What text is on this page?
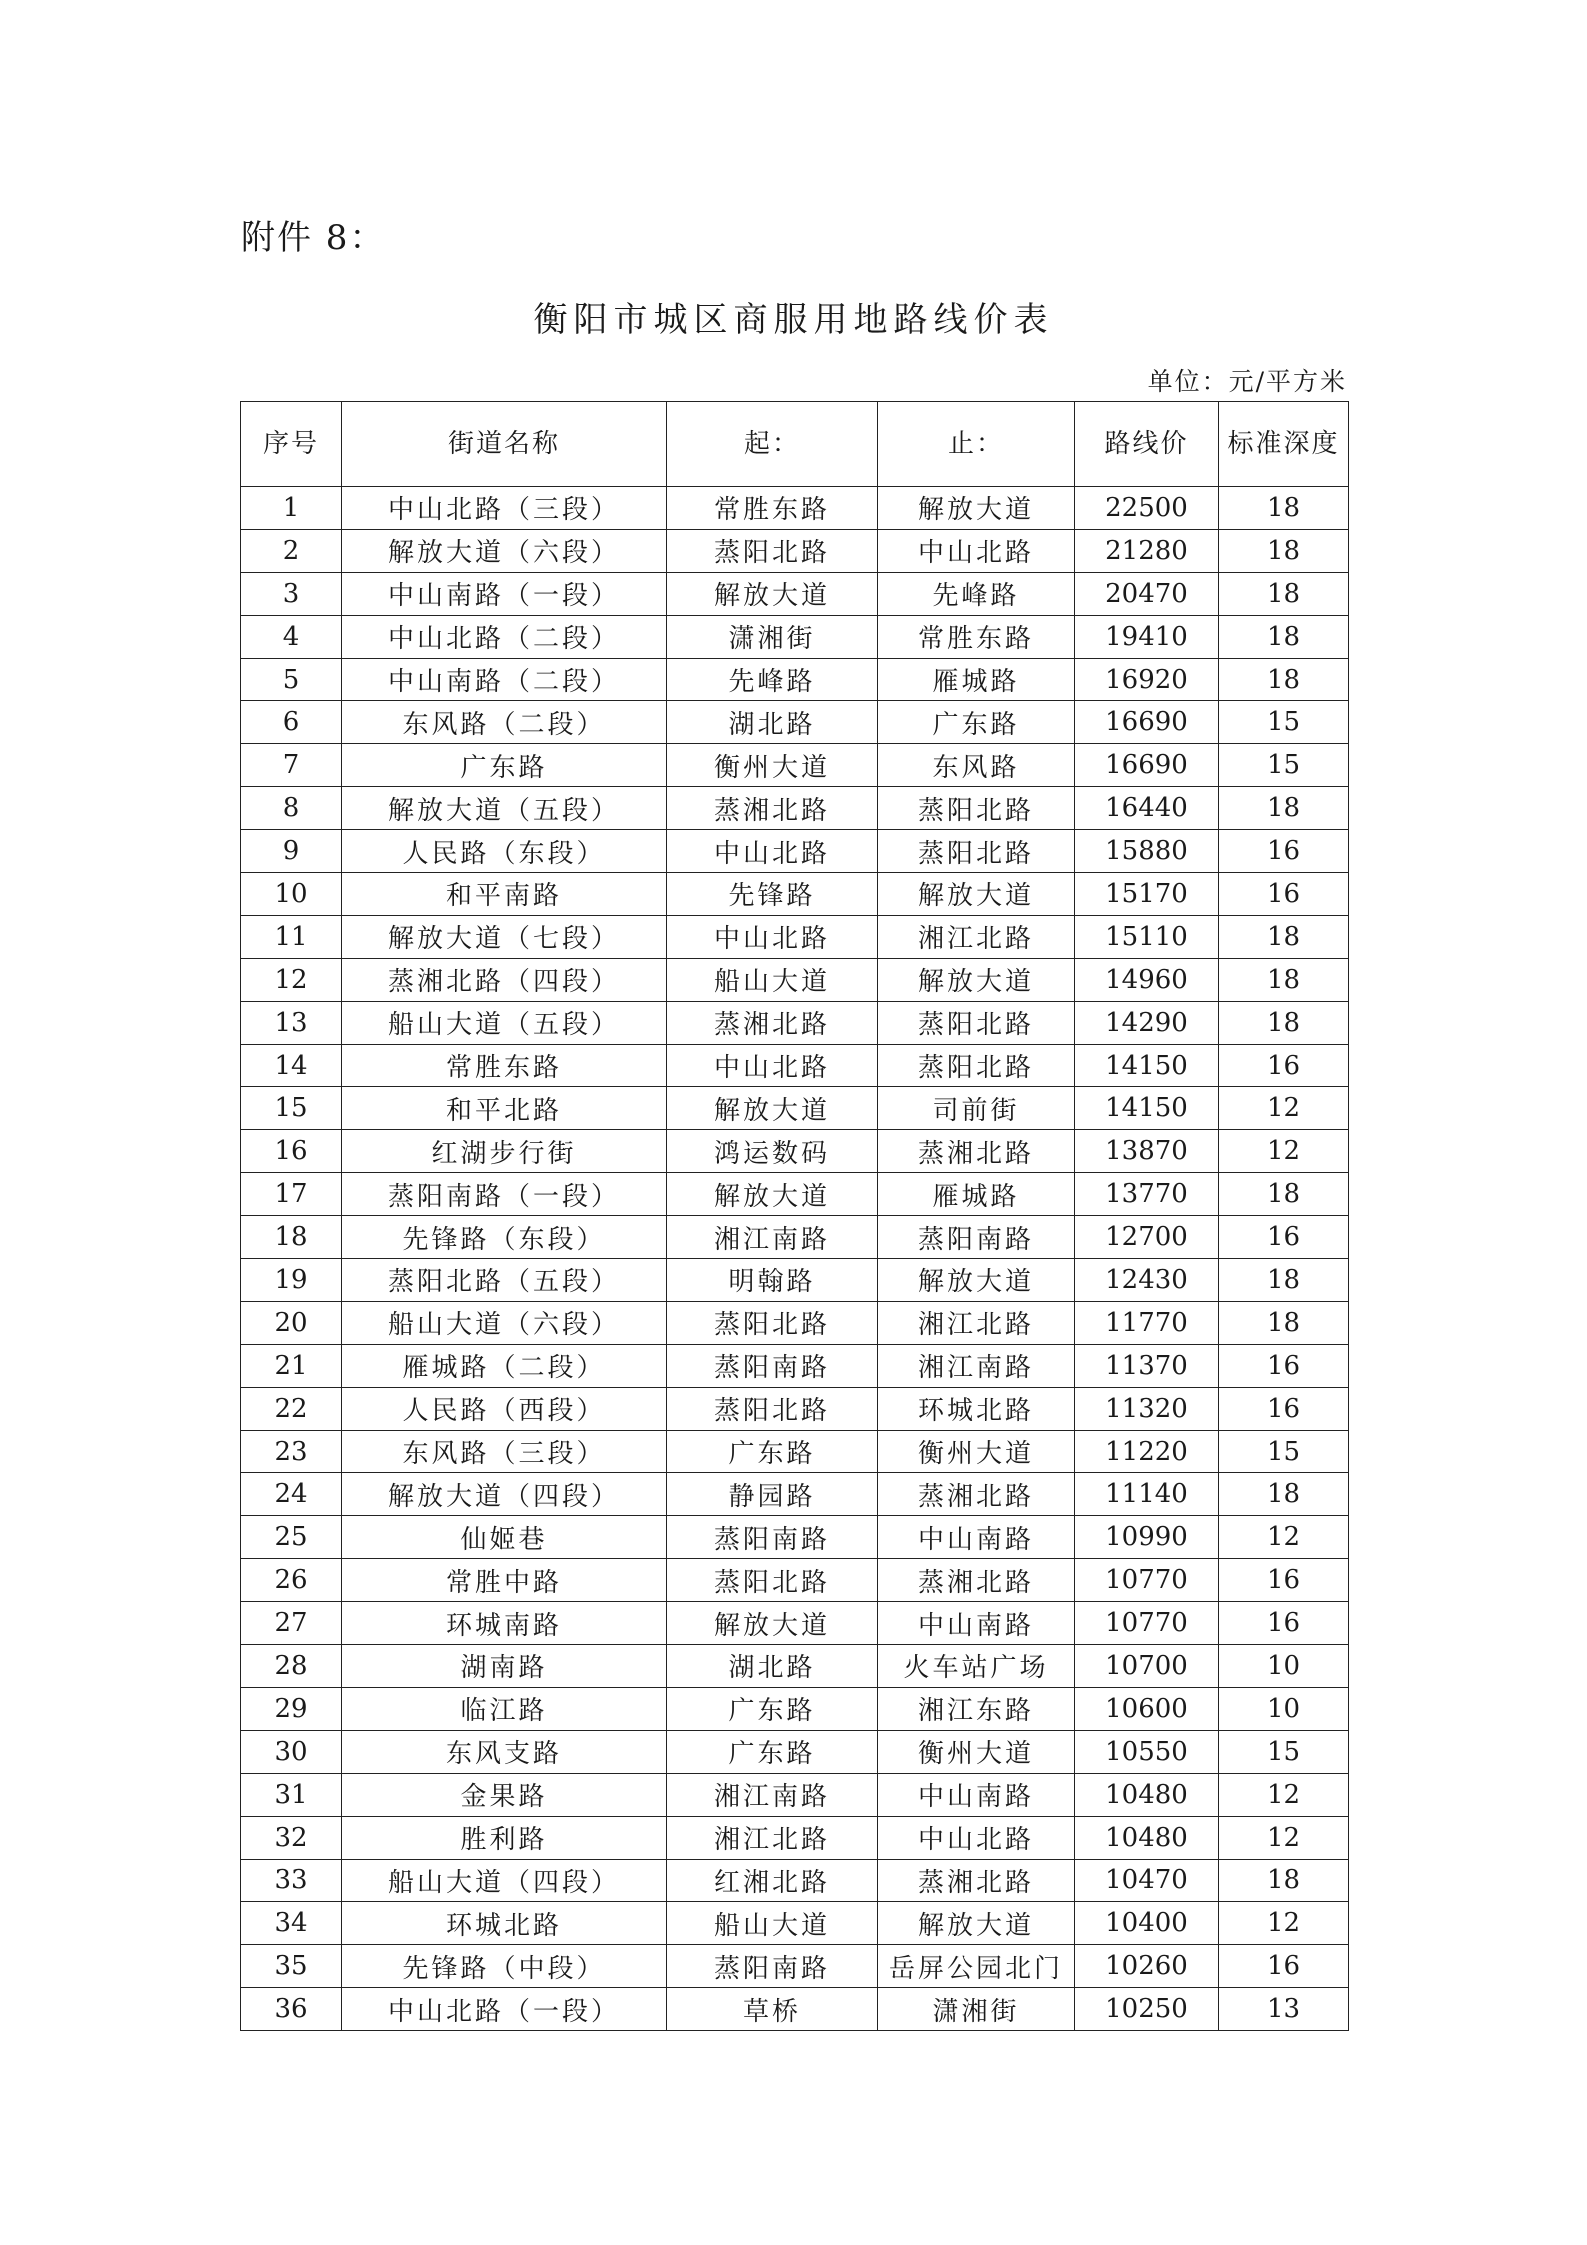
附件 8：
衡阳市城区商服用地路线价表
单位：元/平方米
序号	街道名称	起：	止：	路线价	标准深度
1	中山北路（三段）	常胜东路	解放大道	22500	18
2	解放大道（六段）	蒸阳北路	中山北路	21280	18
3	中山南路（一段）	解放大道	先峰路	20470	18
4	中山北路（二段）	潇湘街	常胜东路	19410	18
5	中山南路（二段）	先峰路	雁城路	16920	18
6	东风路（二段）	湖北路	广东路	16690	15
7	广东路	衡州大道	东风路	16690	15
8	解放大道（五段）	蒸湘北路	蒸阳北路	16440	18
9	人民路（东段）	中山北路	蒸阳北路	15880	16
10	和平南路	先锋路	解放大道	15170	16
11	解放大道（七段）	中山北路	湘江北路	15110	18
12	蒸湘北路（四段）	船山大道	解放大道	14960	18
13	船山大道（五段）	蒸湘北路	蒸阳北路	14290	18
14	常胜东路	中山北路	蒸阳北路	14150	16
15	和平北路	解放大道	司前街	14150	12
16	红湖步行街	鸿运数码	蒸湘北路	13870	12
17	蒸阳南路（一段）	解放大道	雁城路	13770	18
18	先锋路（东段）	湘江南路	蒸阳南路	12700	16
19	蒸阳北路（五段）	明翰路	解放大道	12430	18
20	船山大道（六段）	蒸阳北路	湘江北路	11770	18
21	雁城路（二段）	蒸阳南路	湘江南路	11370	16
22	人民路（西段）	蒸阳北路	环城北路	11320	16
23	东风路（三段）	广东路	衡州大道	11220	15
24	解放大道（四段）	静园路	蒸湘北路	11140	18
25	仙姬巷	蒸阳南路	中山南路	10990	12
26	常胜中路	蒸阳北路	蒸湘北路	10770	16
27	环城南路	解放大道	中山南路	10770	16
28	湖南路	湖北路	火车站广场	10700	10
29	临江路	广东路	湘江东路	10600	10
30	东风支路	广东路	衡州大道	10550	15
31	金果路	湘江南路	中山南路	10480	12
32	胜利路	湘江北路	中山北路	10480	12
33	船山大道（四段）	红湘北路	蒸湘北路	10470	18
34	环城北路	船山大道	解放大道	10400	12
35	先锋路（中段）	蒸阳南路	岳屏公园北门	10260	16
36	中山北路（一段）	草桥	潇湘街	10250	13
